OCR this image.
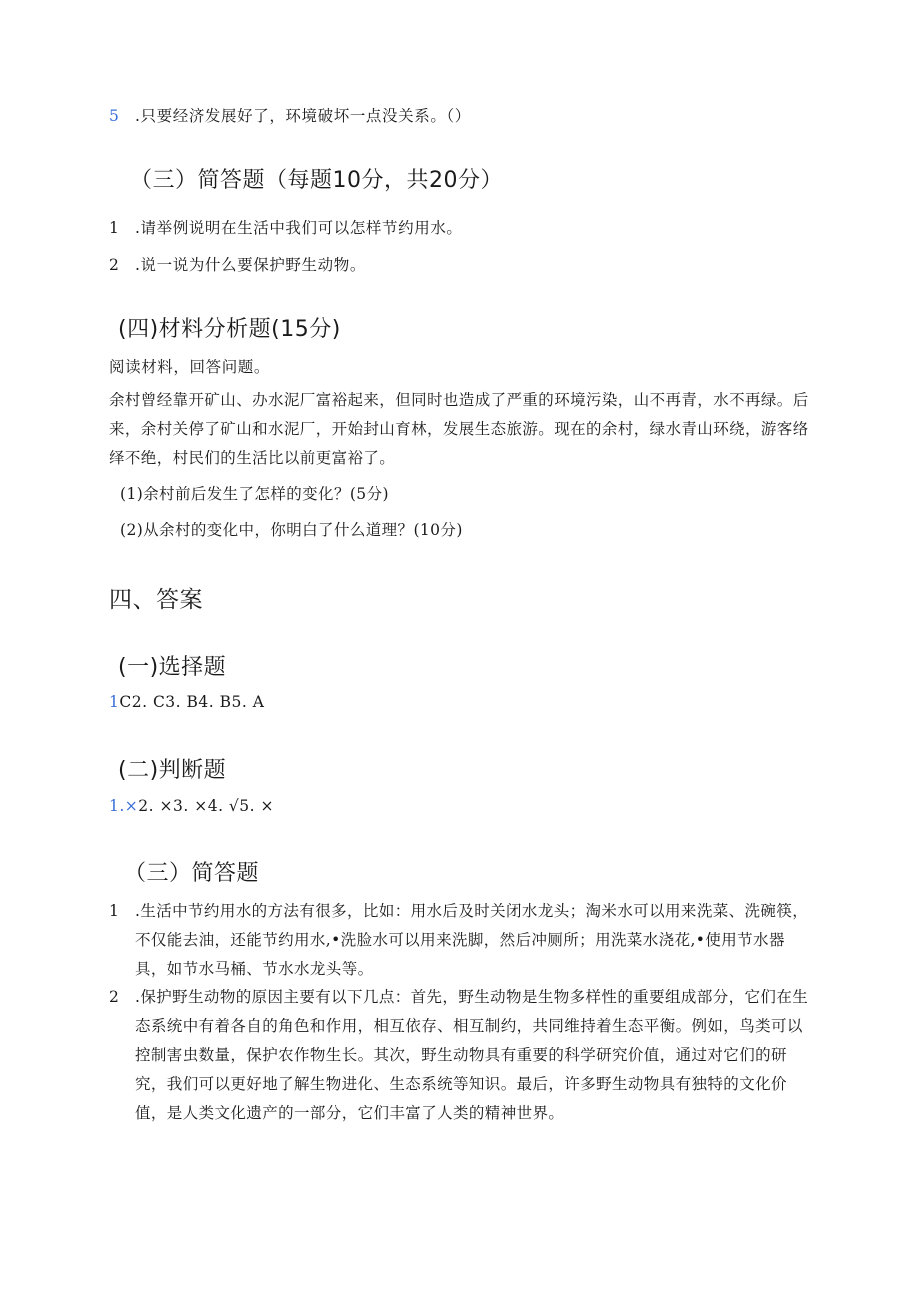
5 .只要经济发展好了，环境破坏一点没关系。（）
（三）简答题（每题10分，共20分）
1 .请举例说明在生活中我们可以怎样节约用水。
2 .说一说为什么要保护野生动物。
(四)材料分析题(15分)
阅读材料，回答问题。
余村曾经靠开矿山、办水泥厂富裕起来，但同时也造成了严重的环境污染，山不再青，水不再绿。后来，余村关停了矿山和水泥厂，开始封山育林，发展生态旅游。现在的余村，绿水青山环绕，游客络绎不绝，村民们的生活比以前更富裕了。
(1)余村前后发生了怎样的变化？(5分)
(2)从余村的变化中，你明白了什么道理？(10分)
四、答案
(一)选择题
1C2. C3. B4. B5. A
(二)判断题
1.×2. ×3. ×4. √5. ×
（三）简答题
1	.生活中节约用水的方法有很多，比如：用水后及时关闭水龙头；淘米水可以用来洗菜、洗碗筷，不仅能去油，还能节约用水,•洗脸水可以用来洗脚，然后冲厕所；用洗菜水浇花,•使用节水器具，如节水马桶、节水水龙头等。
2	.保护野生动物的原因主要有以下几点：首先，野生动物是生物多样性的重要组成部分，它们在生态系统中有着各自的角色和作用，相互依存、相互制约，共同维持着生态平衡。例如，鸟类可以控制害虫数量，保护农作物生长。其次，野生动物具有重要的科学研究价值，通过对它们的研究，我们可以更好地了解生物进化、生态系统等知识。最后，许多野生动物具有独特的文化价值，是人类文化遗产的一部分，它们丰富了人类的精神世界。
